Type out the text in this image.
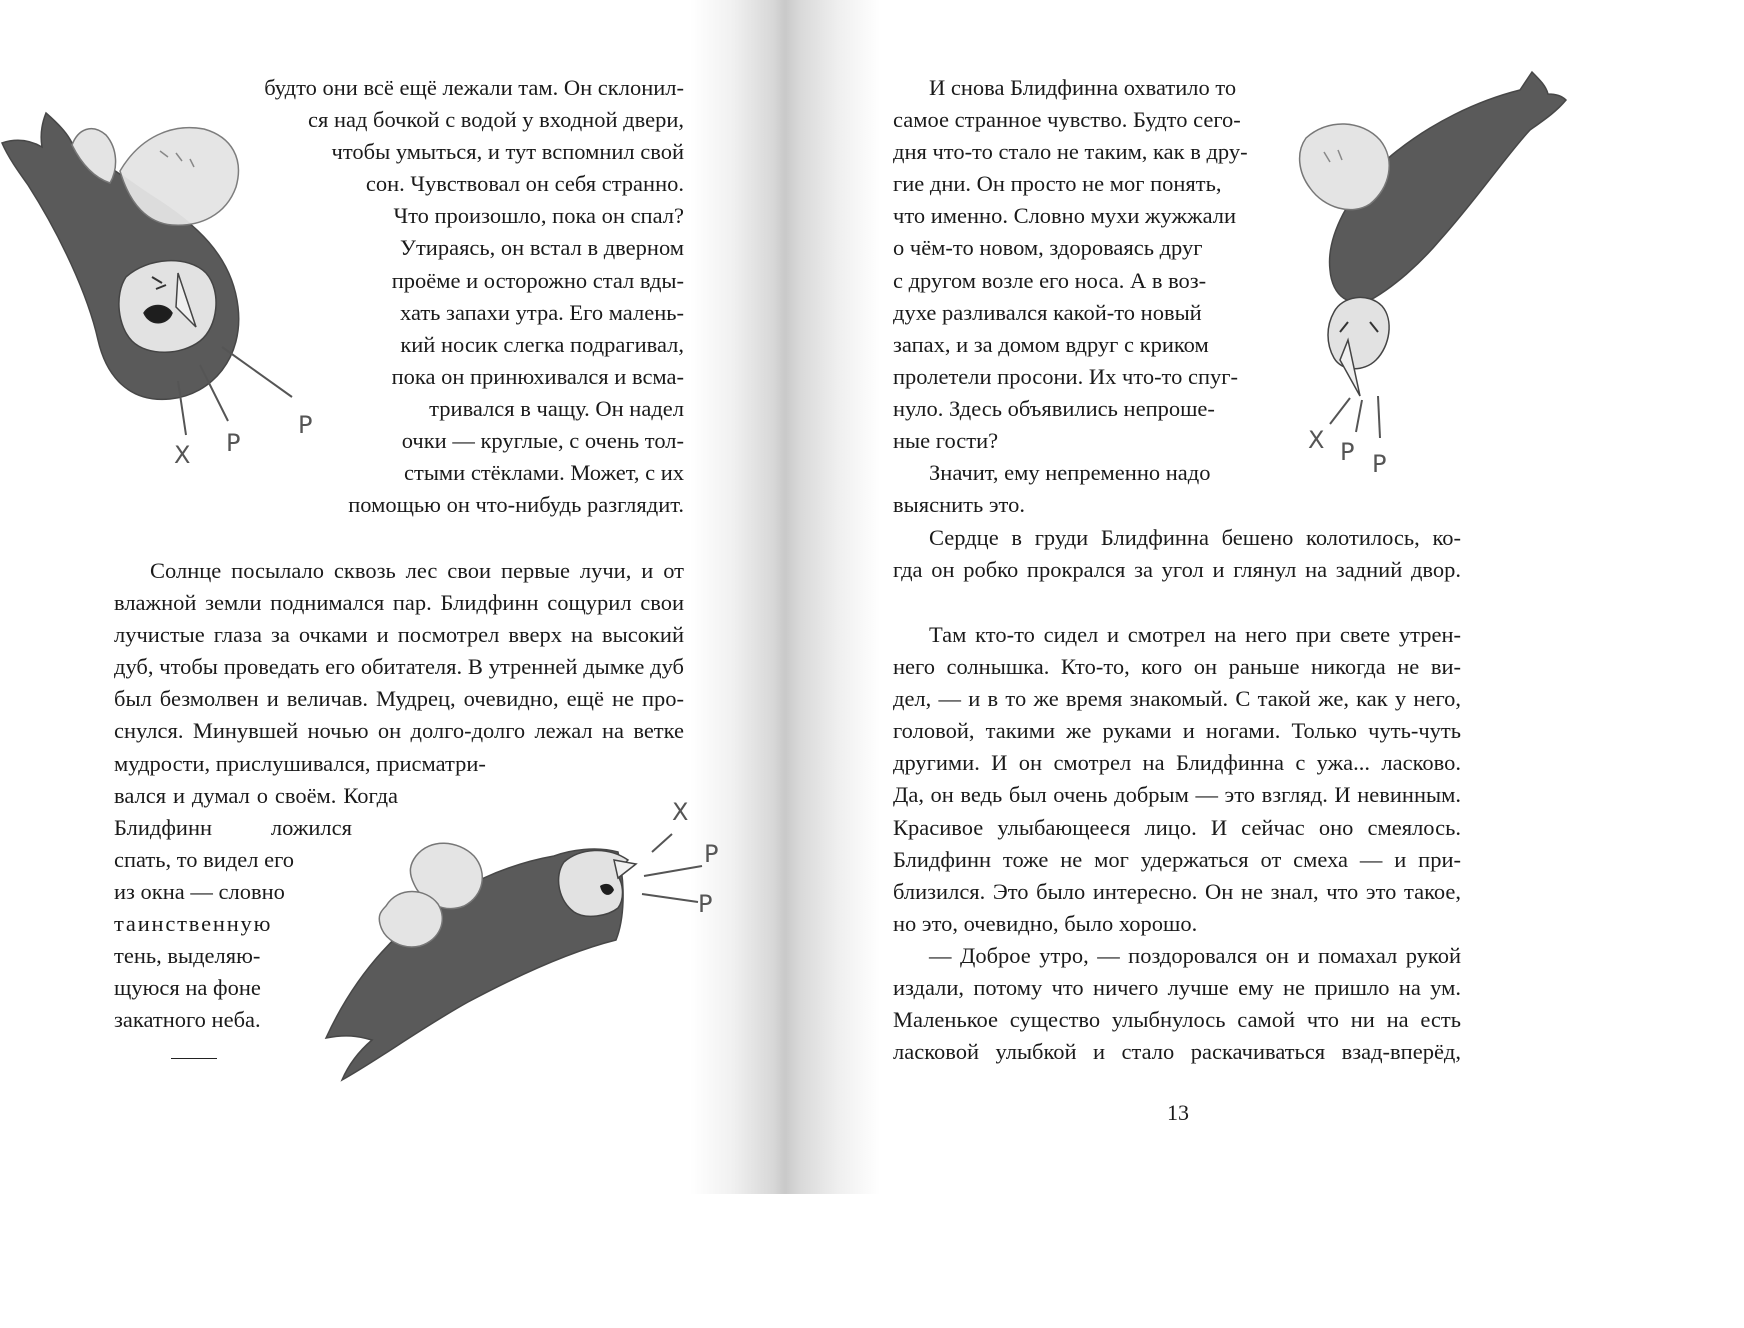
Х Р
Р
Х
Р
Р
Х Р Р
будто они всё ещё лежали там. Он склонил-
ся над бочкой с водой у входной двери,
чтобы умыться, и тут вспомнил свой
сон. Чувствовал он себя странно.
Что произошло, пока он спал?
Утираясь, он встал в дверном
проёме и осторожно стал вды-
хать запахи утра. Его малень-
кий носик слегка подрагивал,
пока он принюхивался и всма-
тривался в чащу. Он надел
очки — круглые, с очень тол-
стыми стёклами. Может, с их
помощью он что-нибудь разглядит.
Солнце посылало сквозь лес свои первые лучи, и от
влажной земли поднимался пар. Блидфинн сощурил свои
лучистые глаза за очками и посмотрел вверх на высокий
дуб, чтобы проведать его обитателя. В утренней дымке дуб
был безмолвен и величав. Мудрец, очевидно, ещё не про-
снулся. Минувшей ночью он долго-долго лежал на ветке
мудрости, прислушивался, присматри-
вался и думал о своём. Когда
Блидфинн ложился
спать, то видел его
из окна — словно
таинственную
тень, выделяю-
щуюся на фоне
закатного неба.
И снова Блидфинна охватило то
самое странное чувство. Будто сего-
дня что-то стало не таким, как в дру-
гие дни. Он просто не мог понять,
что именно. Словно мухи жужжали
о чём-то новом, здороваясь друг
с другом возле его носа. А в воз-
духе разливался какой-то новый
запах, и за домом вдруг с криком
пролетели просони. Их что-то спуг-
нуло. Здесь объявились непроше-
ные гости?
Значит, ему непременно надо
выяснить это.
Сердце в груди Блидфинна бешено колотилось, ко-
гда он робко прокрался за угол и глянул на задний двор.
Там кто-то сидел и смотрел на него при свете утрен-
него солнышка. Кто-то, кого он раньше никогда не ви-
дел, — и в то же время знакомый. С такой же, как у него,
головой, такими же руками и ногами. Только чуть-чуть
другими. И он смотрел на Блидфинна с ужа... ласково.
Да, он ведь был очень добрым — это взгляд. И невинным.
Красивое улыбающееся лицо. И сейчас оно смеялось.
Блидфинн тоже не мог удержаться от смеха — и при-
близился. Это было интересно. Он не знал, что это такое,
но это, очевидно, было хорошо.
— Доброе утро, — поздоровался он и помахал рукой
издали, потому что ничего лучше ему не пришло на ум.
Маленькое существо улыбнулось самой что ни на есть
ласковой улыбкой и стало раскачиваться взад-вперёд,
13
